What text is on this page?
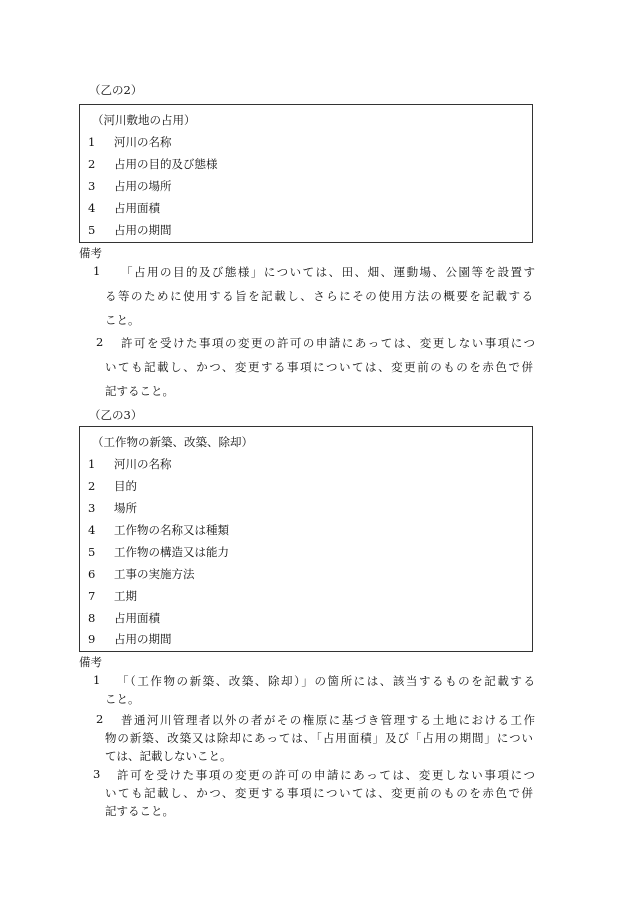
（乙の2）
（河川敷地の占用）
1 河川の名称
2 占用の目的及び態様
3 占用の場所
4 占用面積
5 占用の期間
備考
1 「占用の目的及び態様」については、田、畑、運動場、公園等を設置す
る等のために使用する旨を記載し、さらにその使用方法の概要を記載する
こと。
2 許可を受けた事項の変更の許可の申請にあっては、変更しない事項につ
いても記載し、かつ、変更する事項については、変更前のものを赤色で併
記すること。
（乙の3）
（工作物の新築、改築、除却）
1 河川の名称
2 目的
3 場所
4 工作物の名称又は種類
5 工作物の構造又は能力
6 工事の実施方法
7 工期
8 占用面積
9 占用の期間
備考
1 「（工作物の新築、改築、除却）」の箇所には、該当するものを記載する
こと。
2 普通河川管理者以外の者がその権原に基づき管理する土地における工作
物の新築、改築又は除却にあっては、「占用面積」及び「占用の期間」につい
ては、記載しないこと。
3 許可を受けた事項の変更の許可の申請にあっては、変更しない事項につ
いても記載し、かつ、変更する事項については、変更前のものを赤色で併
記すること。
